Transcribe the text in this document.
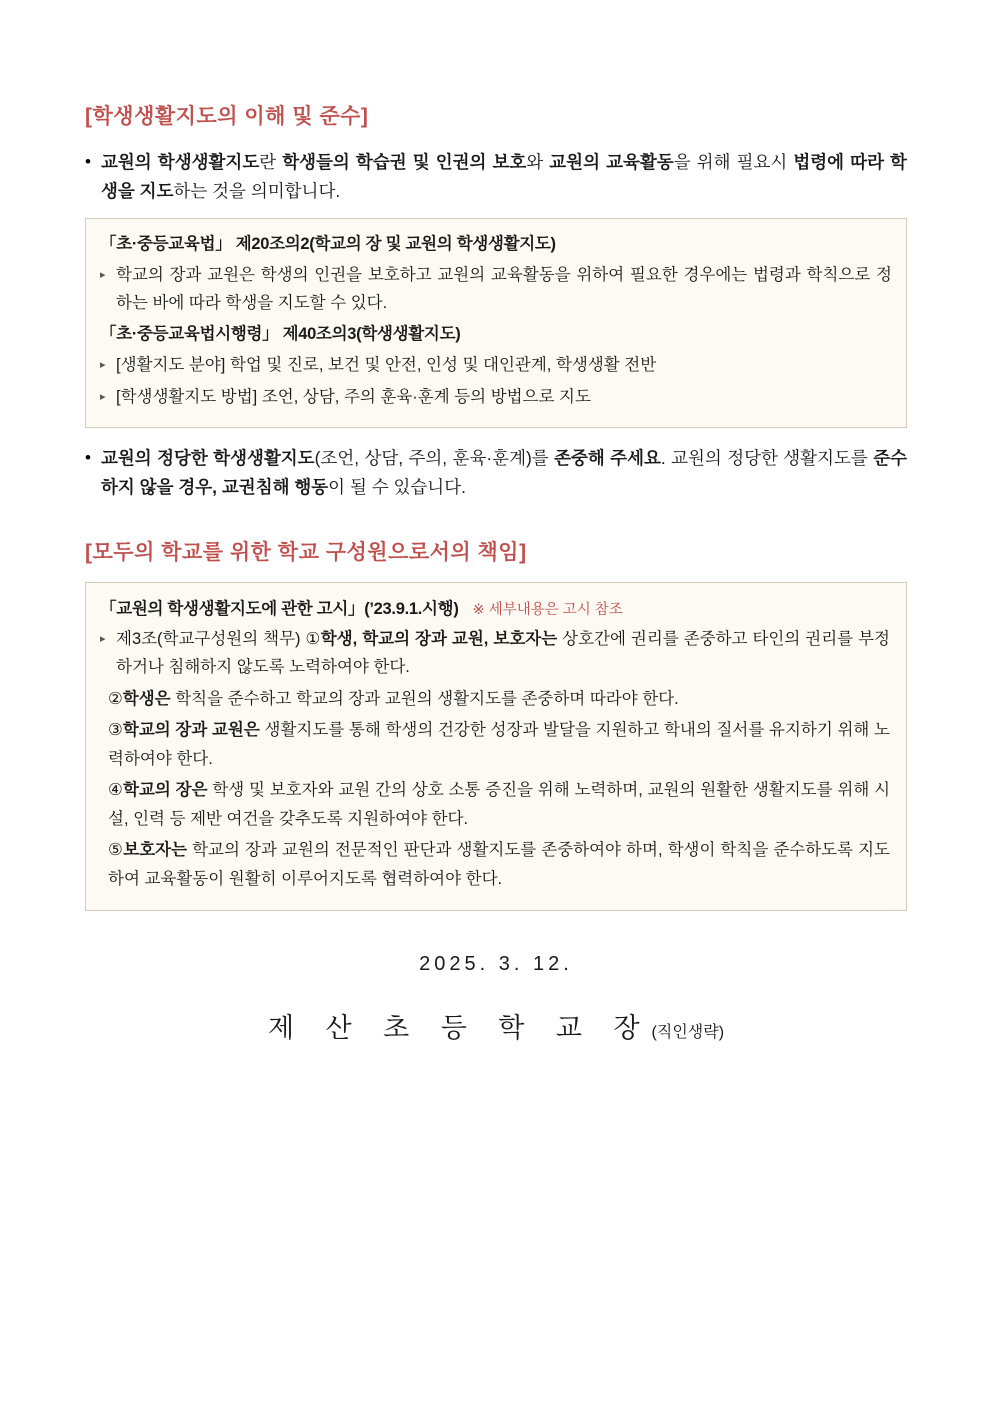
[학생생활지도의 이해 및 준수]
• 교원의 학생생활지도란 학생들의 학습권 및 인권의 보호와 교원의 교육활동을 위해 필요시 법령에 따라 학생을 지도하는 것을 의미합니다.
「초·중등교육법」 제20조의2(학교의 장 및 교원의 학생생활지도)
▸ 학교의 장과 교원은 학생의 인권을 보호하고 교원의 교육활동을 위하여 필요한 경우에는 법령과 학칙으로 정하는 바에 따라 학생을 지도할 수 있다.
「초·중등교육법시행령」 제40조의3(학생생활지도)
▸ [생활지도 분야] 학업 및 진로, 보건 및 안전, 인성 및 대인관계, 학생생활 전반
▸ [학생생활지도 방법] 조언, 상담, 주의 훈육·훈계 등의 방법으로 지도
• 교원의 정당한 학생생활지도(조언, 상담, 주의, 훈육·훈계)를 존중해 주세요. 교원의 정당한 생활지도를 준수하지 않을 경우, 교권침해 행동이 될 수 있습니다.
[모두의 학교를 위한 학교 구성원으로서의 책임]
「교원의 학생생활지도에 관한 고시」(’23.9.1.시행) ※ 세부내용은 고시 참조
▸ 제3조(학교구성원의 책무) ①학생, 학교의 장과 교원, 보호자는 상호간에 권리를 존중하고 타인의 권리를 부정하거나 침해하지 않도록 노력하여야 한다.
②학생은 학칙을 준수하고 학교의 장과 교원의 생활지도를 존중하며 따라야 한다.
③학교의 장과 교원은 생활지도를 통해 학생의 건강한 성장과 발달을 지원하고 학내의 질서를 유지하기 위해 노력하여야 한다.
④학교의 장은 학생 및 보호자와 교원 간의 상호 소통 증진을 위해 노력하며, 교원의 원활한 생활지도를 위해 시설, 인력 등 제반 여건을 갖추도록 지원하여야 한다.
⑤보호자는 학교의 장과 교원의 전문적인 판단과 생활지도를 존중하여야 하며, 학생이 학칙을 준수하도록 지도하여 교육활동이 원활히 이루어지도록 협력하여야 한다.
2025. 3. 12.
제 산 초 등 학 교 장(직인생략)
